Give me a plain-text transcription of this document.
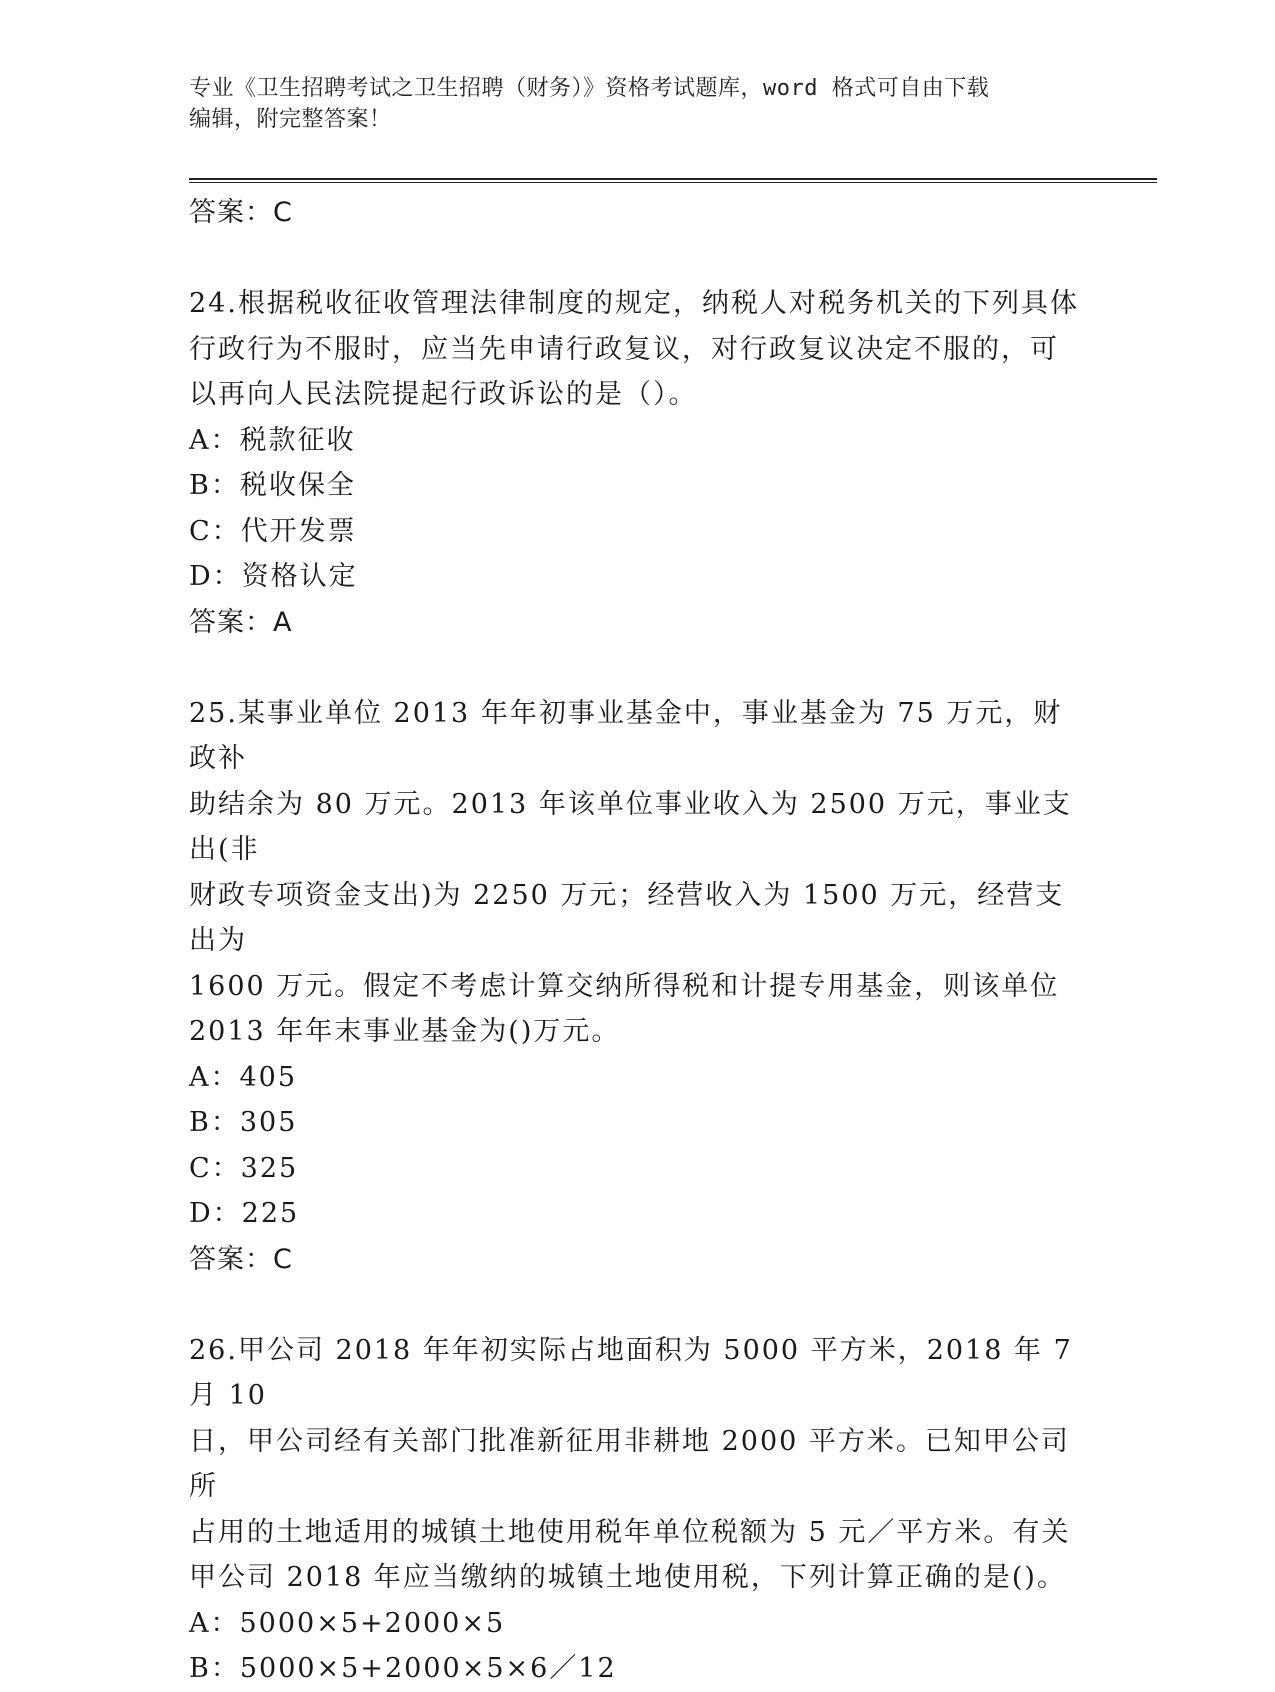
专业《卫生招聘考试之卫生招聘（财务）》资格考试题库，word 格式可自由下载
编辑，附完整答案！

答案：C

24.根据税收征收管理法律制度的规定，纳税人对税务机关的下列具体

行政行为不服时，应当先申请行政复议，对行政复议决定不服的，可

以再向人民法院提起行政诉讼的是（）。

A：税款征收

B：税收保全

C：代开发票

D：资格认定

答案：A

25.某事业单位 2013 年年初事业基金中，事业基金为 75 万元，财政补

助结余为 80 万元。2013 年该单位事业收入为 2500 万元，事业支出(非

财政专项资金支出)为 2250 万元；经营收入为 1500 万元，经营支出为

1600 万元。假定不考虑计算交纳所得税和计提专用基金，则该单位

2013 年年末事业基金为()万元。

A：405

B：305

C：325

D：225

答案：C

26.甲公司 2018 年年初实际占地面积为 5000 平方米，2018 年 7 月 10

日，甲公司经有关部门批准新征用非耕地 2000 平方米。已知甲公司所

占用的土地适用的城镇土地使用税年单位税额为 5 元／平方米。有关

甲公司 2018 年应当缴纳的城镇土地使用税，下列计算正确的是()。

A：5000×5+2000×5

B：5000×5+2000×5×6／12
